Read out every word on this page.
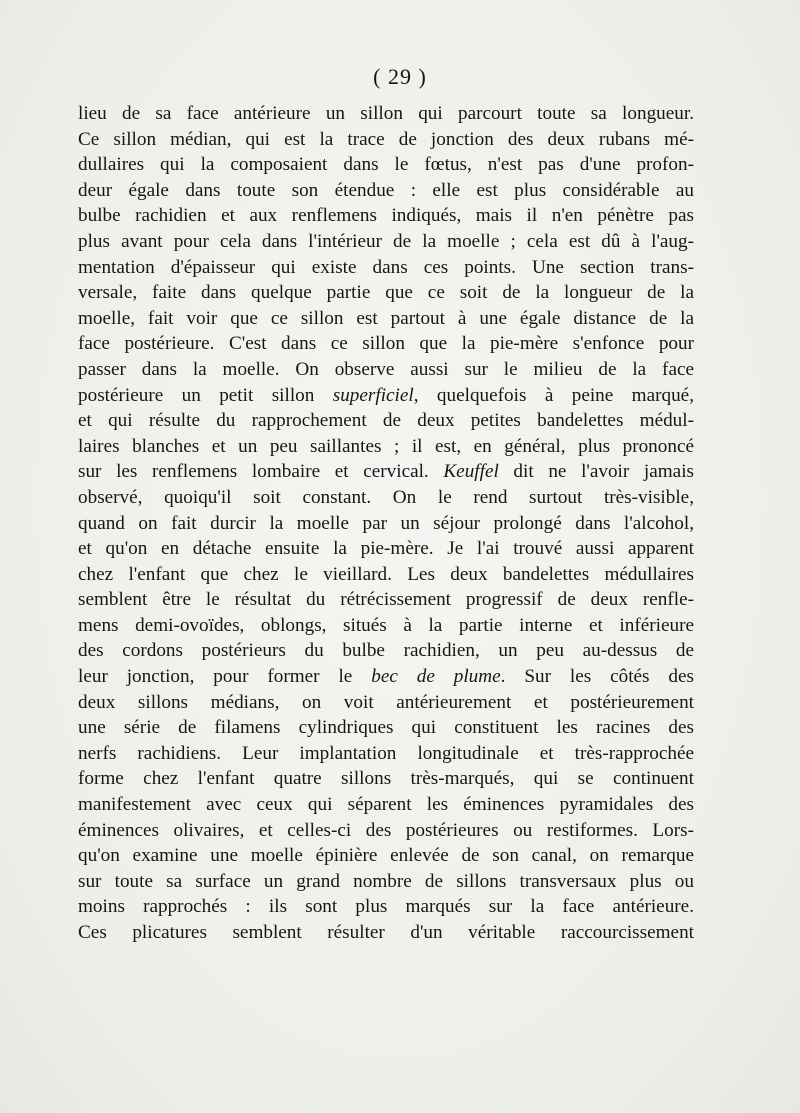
( 29 )
lieu de sa face antérieure un sillon qui parcourt toute sa longueur.
Ce sillon médian, qui est la trace de jonction des deux rubans mé-
dullaires qui la composaient dans le fœtus, n'est pas d'une profon-
deur égale dans toute son étendue : elle est plus considérable au
bulbe rachidien et aux renflemens indiqués, mais il n'en pénètre pas
plus avant pour cela dans l'intérieur de la moelle ; cela est dû à l'aug-
mentation d'épaisseur qui existe dans ces points. Une section trans-
versale, faite dans quelque partie que ce soit de la longueur de la
moelle, fait voir que ce sillon est partout à une égale distance de la
face postérieure. C'est dans ce sillon que la pie-mère s'enfonce pour
passer dans la moelle. On observe aussi sur le milieu de la face
postérieure un petit sillon superficiel, quelquefois à peine marqué,
et qui résulte du rapprochement de deux petites bandelettes médul-
laires blanches et un peu saillantes ; il est, en général, plus prononcé
sur les renflemens lombaire et cervical. Keuffel dit ne l'avoir jamais
observé, quoiqu'il soit constant. On le rend surtout très-visible,
quand on fait durcir la moelle par un séjour prolongé dans l'alcohol,
et qu'on en détache ensuite la pie-mère. Je l'ai trouvé aussi apparent
chez l'enfant que chez le vieillard. Les deux bandelettes médullaires
semblent être le résultat du rétrécissement progressif de deux renfle-
mens demi-ovoïdes, oblongs, situés à la partie interne et inférieure
des cordons postérieurs du bulbe rachidien, un peu au-dessus de
leur jonction, pour former le bec de plume. Sur les côtés des
deux sillons médians, on voit antérieurement et postérieurement
une série de filamens cylindriques qui constituent les racines des
nerfs rachidiens. Leur implantation longitudinale et très-rapprochée
forme chez l'enfant quatre sillons très-marqués, qui se continuent
manifestement avec ceux qui séparent les éminences pyramidales des
éminences olivaires, et celles-ci des postérieures ou restiformes. Lors-
qu'on examine une moelle épinière enlevée de son canal, on remarque
sur toute sa surface un grand nombre de sillons transversaux plus ou
moins rapprochés : ils sont plus marqués sur la face antérieure.
Ces plicatures semblent résulter d'un véritable raccourcissement
